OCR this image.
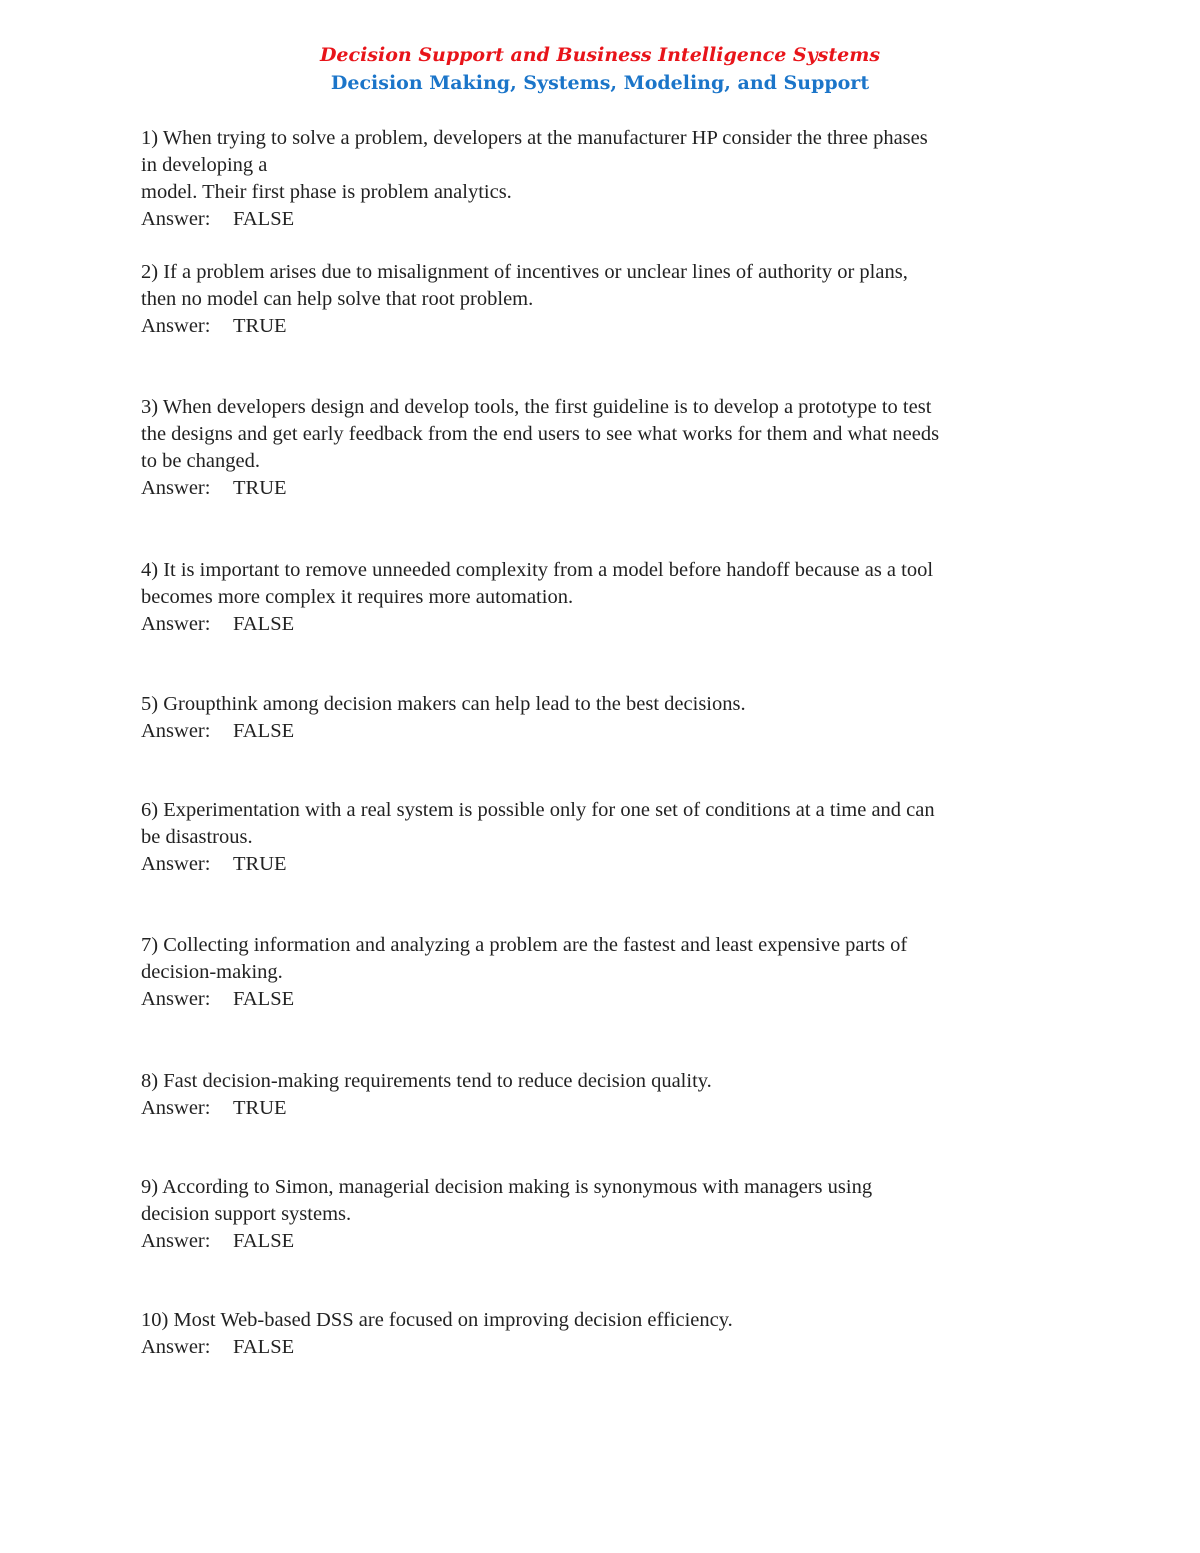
Decision Support and Business Intelligence Systems
Decision Making, Systems, Modeling, and Support
1) When trying to solve a problem, developers at the manufacturer HP consider the three phases
in developing a
model. Their first phase is problem analytics.
Answer: FALSE
2) If a problem arises due to misalignment of incentives or unclear lines of authority or plans,
then no model can help solve that root problem.
Answer: TRUE
3) When developers design and develop tools, the first guideline is to develop a prototype to test
the designs and get early feedback from the end users to see what works for them and what needs
to be changed.
Answer: TRUE
4) It is important to remove unneeded complexity from a model before handoff because as a tool
becomes more complex it requires more automation.
Answer: FALSE
5) Groupthink among decision makers can help lead to the best decisions.
Answer: FALSE
6) Experimentation with a real system is possible only for one set of conditions at a time and can
be disastrous.
Answer: TRUE
7) Collecting information and analyzing a problem are the fastest and least expensive parts of
decision-making.
Answer: FALSE
8) Fast decision-making requirements tend to reduce decision quality.
Answer: TRUE
9) According to Simon, managerial decision making is synonymous with managers using
decision support systems.
Answer: FALSE
10) Most Web-based DSS are focused on improving decision efficiency.
Answer: FALSE
